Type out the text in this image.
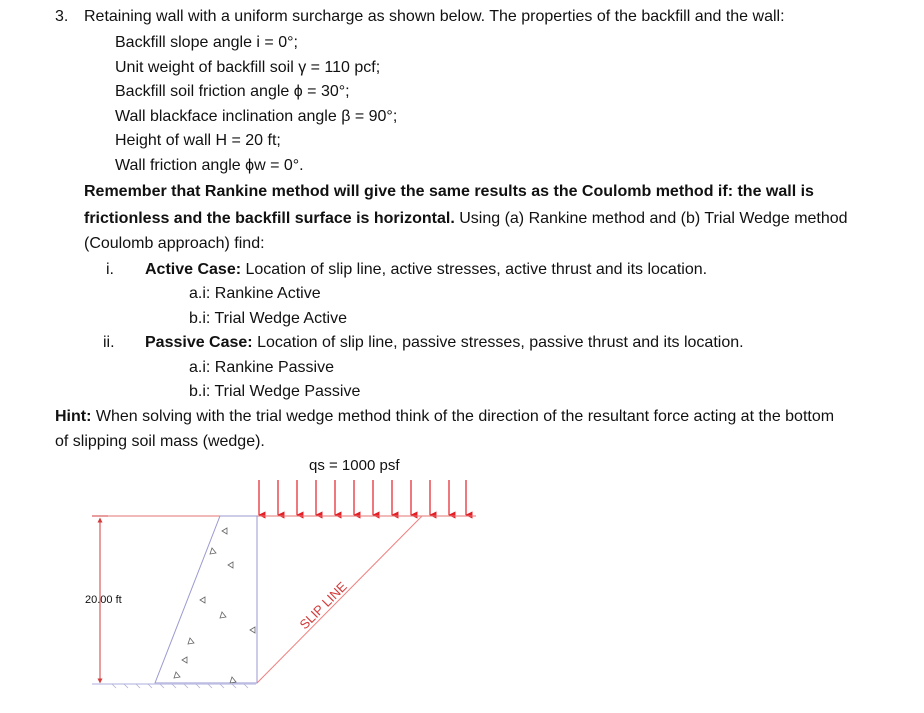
3. Retaining wall with a uniform surcharge as shown below. The properties of the backfill and the wall:
Backfill slope angle i = 0°;
Unit weight of backfill soil γ = 110 pcf;
Backfill soil friction angle ϕ = 30°;
Wall blackface inclination angle β = 90°;
Height of wall H = 20 ft;
Wall friction angle ϕw = 0°.
Remember that Rankine method will give the same results as the Coulomb method if: the wall is
frictionless and the backfill surface is horizontal. Using (a) Rankine method and (b) Trial Wedge method
(Coulomb approach) find:
i. Active Case: Location of slip line, active stresses, active thrust and its location.
a.i: Rankine Active
b.i: Trial Wedge Active
ii. Passive Case: Location of slip line, passive stresses, passive thrust and its location.
a.i: Rankine Passive
b.i: Trial Wedge Passive
Hint: When solving with the trial wedge method think of the direction of the resultant force acting at the bottom
of slipping soil mass (wedge).
qs = 1000 psf
20.00 ft	SLIP LINE
